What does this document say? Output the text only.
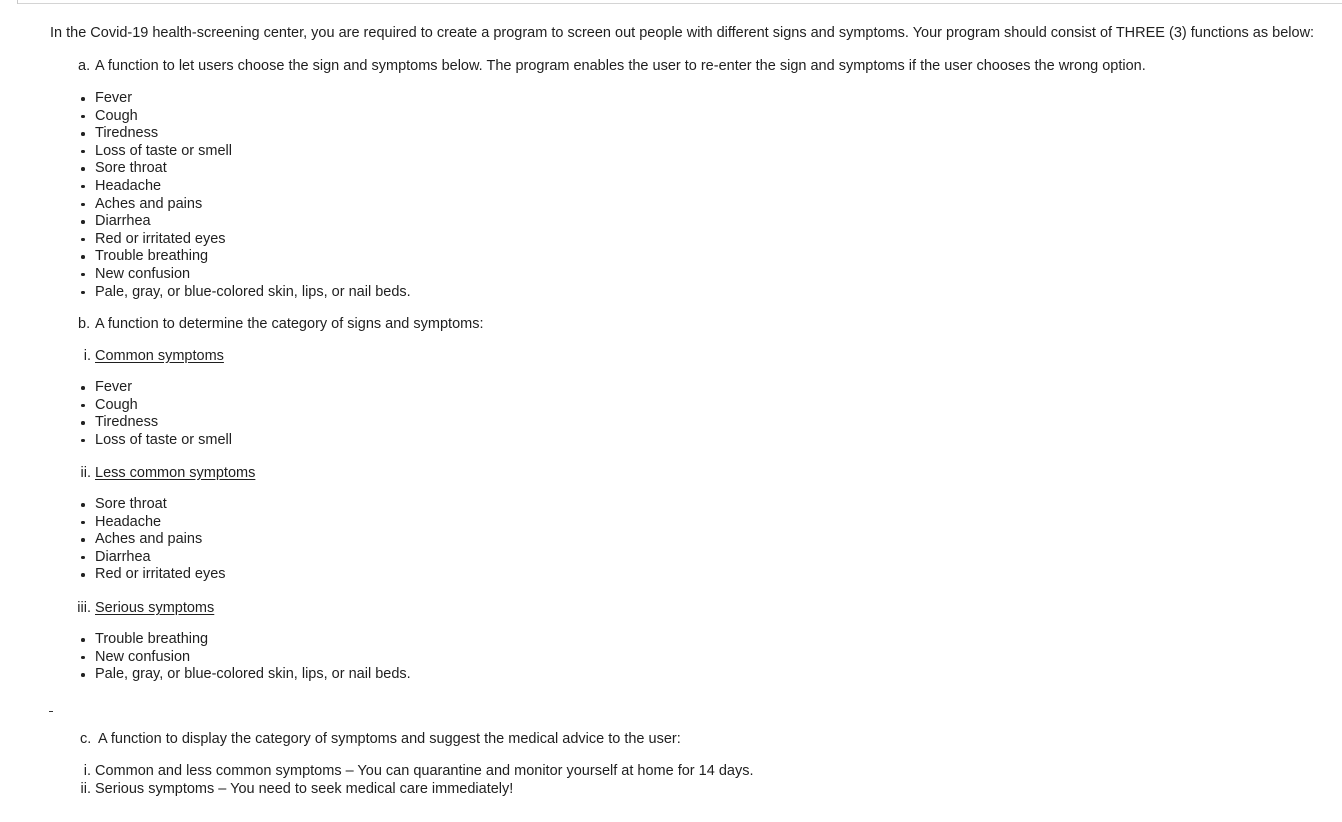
In the Covid-19 health-screening center, you are required to create a program to screen out people with different signs and symptoms. Your program should consist of THREE (3) functions as below:
a. A function to let users choose the sign and symptoms below. The program enables the user to re-enter the sign and symptoms if the user chooses the wrong option.
Fever
Cough
Tiredness
Loss of taste or smell
Sore throat
Headache
Aches and pains
Diarrhea
Red or irritated eyes
Trouble breathing
New confusion
Pale, gray, or blue-colored skin, lips, or nail beds.
b. A function to determine the category of signs and symptoms:
i. Common symptoms
Fever
Cough
Tiredness
Loss of taste or smell
ii. Less common symptoms
Sore throat
Headache
Aches and pains
Diarrhea
Red or irritated eyes
iii. Serious symptoms
Trouble breathing
New confusion
Pale, gray, or blue-colored skin, lips, or nail beds.
c. A function to display the category of symptoms and suggest the medical advice to the user:
i. Common and less common symptoms – You can quarantine and monitor yourself at home for 14 days.
ii. Serious symptoms – You need to seek medical care immediately!
